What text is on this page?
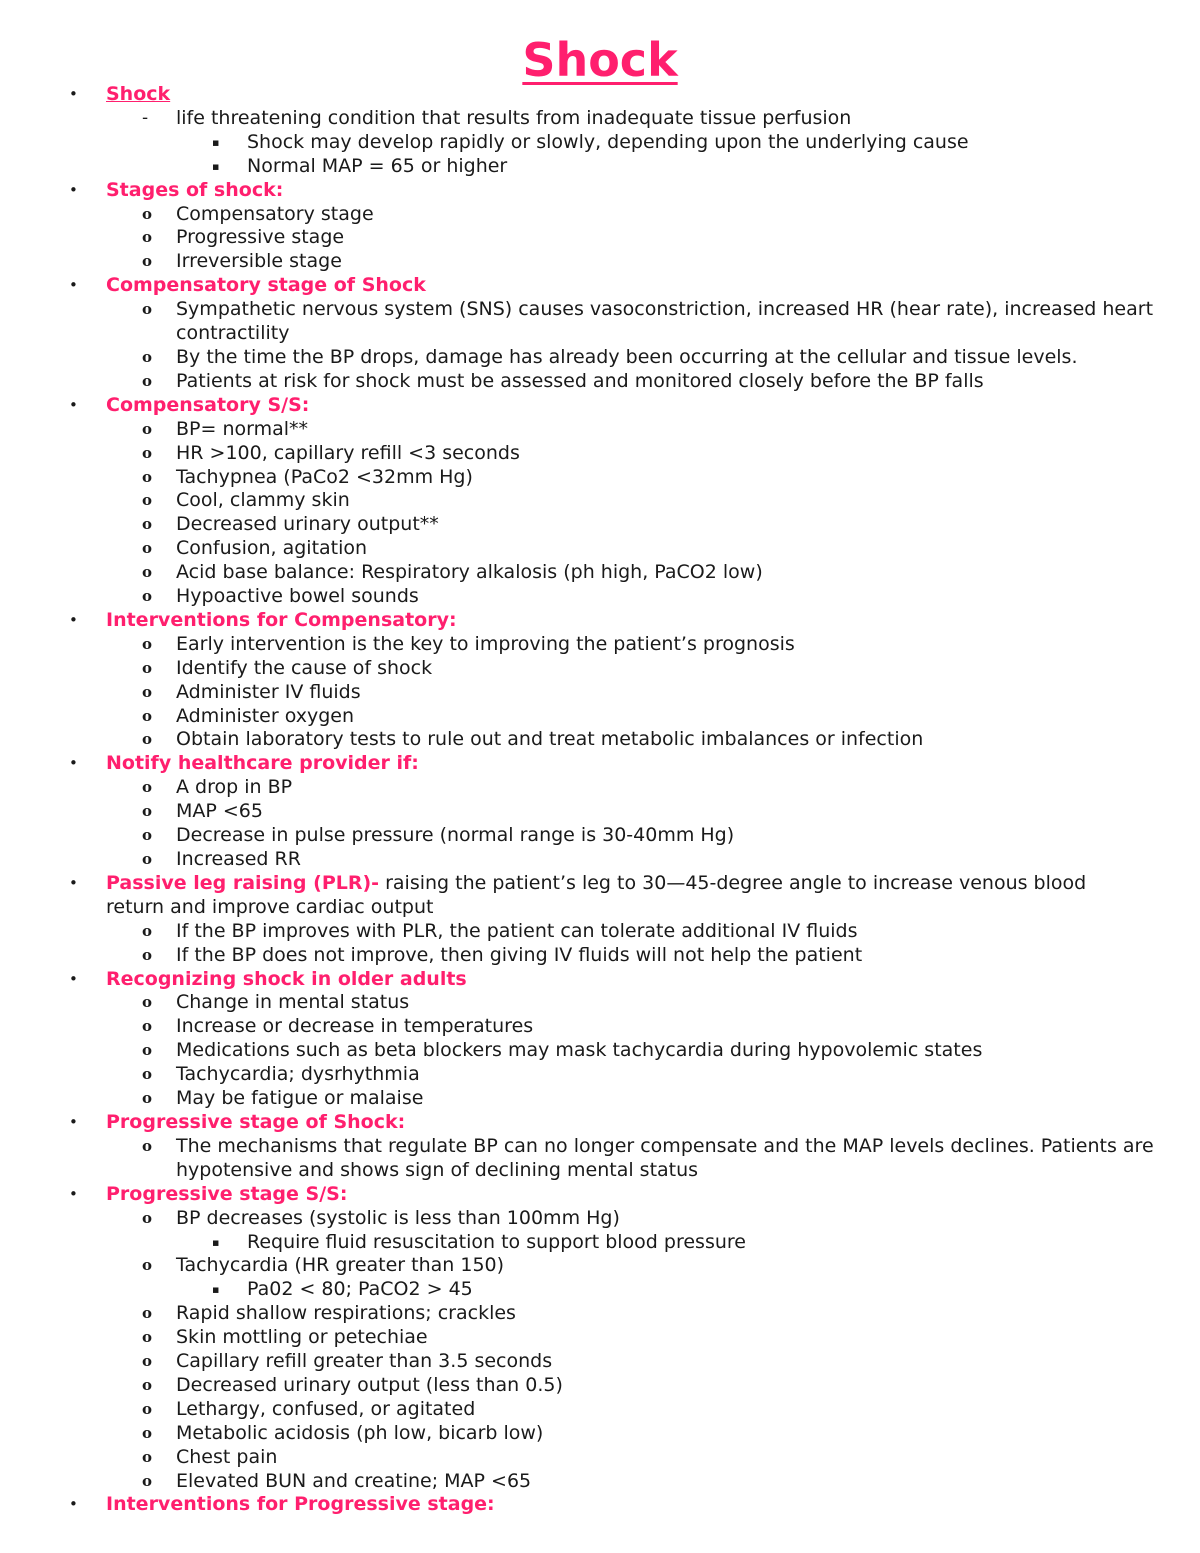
Shock
• Shock
- life threatening condition that results from inadequate tissue perfusion
▪ Shock may develop rapidly or slowly, depending upon the underlying cause
▪ Normal MAP = 65 or higher
• Stages of shock:
o Compensatory stage
o Progressive stage
o Irreversible stage
• Compensatory stage of Shock
o Sympathetic nervous system (SNS) causes vasoconstriction, increased HR (hear rate), increased heart contractility
o By the time the BP drops, damage has already been occurring at the cellular and tissue levels.
o Patients at risk for shock must be assessed and monitored closely before the BP falls
• Compensatory S/S:
o BP= normal**
o HR >100, capillary refill <3 seconds
o Tachypnea (PaCo2 <32mm Hg)
o Cool, clammy skin
o Decreased urinary output**
o Confusion, agitation
o Acid base balance: Respiratory alkalosis (ph high, PaCO2 low)
o Hypoactive bowel sounds
• Interventions for Compensatory:
o Early intervention is the key to improving the patient’s prognosis
o Identify the cause of shock
o Administer IV fluids
o Administer oxygen
o Obtain laboratory tests to rule out and treat metabolic imbalances or infection
• Notify healthcare provider if:
o A drop in BP
o MAP <65
o Decrease in pulse pressure (normal range is 30-40mm Hg)
o Increased RR
• Passive leg raising (PLR)- raising the patient’s leg to 30—45-degree angle to increase venous blood return and improve cardiac output
o If the BP improves with PLR, the patient can tolerate additional IV fluids
o If the BP does not improve, then giving IV fluids will not help the patient
• Recognizing shock in older adults
o Change in mental status
o Increase or decrease in temperatures
o Medications such as beta blockers may mask tachycardia during hypovolemic states
o Tachycardia; dysrhythmia
o May be fatigue or malaise
• Progressive stage of Shock:
o The mechanisms that regulate BP can no longer compensate and the MAP levels declines. Patients are hypotensive and shows sign of declining mental status
• Progressive stage S/S:
o BP decreases (systolic is less than 100mm Hg)
▪ Require fluid resuscitation to support blood pressure
o Tachycardia (HR greater than 150)
▪ Pa02 < 80; PaCO2 > 45
o Rapid shallow respirations; crackles
o Skin mottling or petechiae
o Capillary refill greater than 3.5 seconds
o Decreased urinary output (less than 0.5)
o Lethargy, confused, or agitated
o Metabolic acidosis (ph low, bicarb low)
o Chest pain
o Elevated BUN and creatine; MAP <65
• Interventions for Progressive stage:
